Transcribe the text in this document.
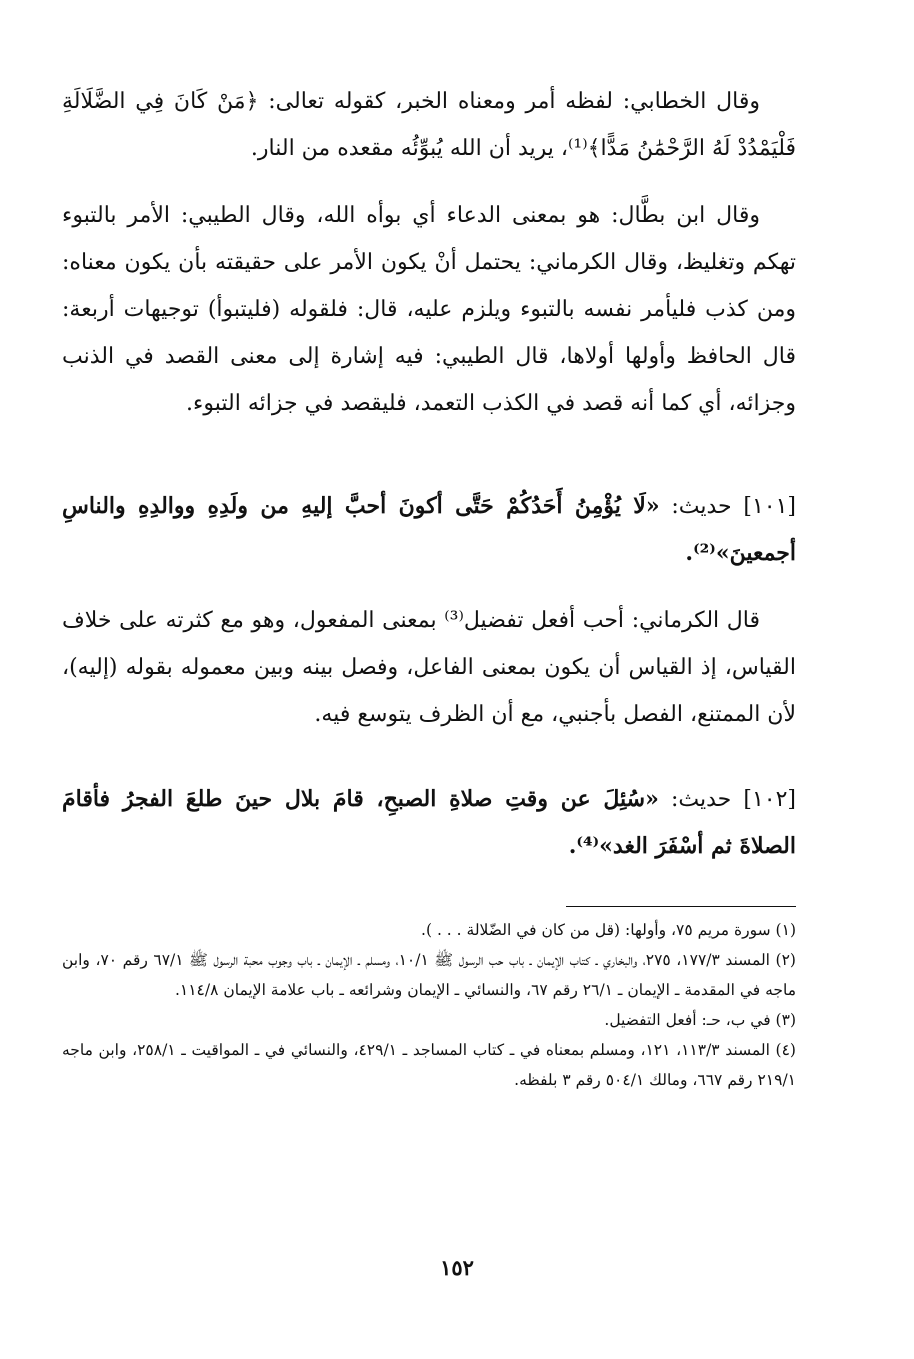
وقال الخطابي: لفظه أمر ومعناه الخبر، كقوله تعالى: ﴿مَنْ كَانَ فِي الضَّلَالَةِ فَلْيَمْدُدْ لَهُ الرَّحْمَٰنُ مَدًّا﴾⁽¹⁾، يريد أن الله يُبوِّئُه مقعده من النار.

وقال ابن بطَّال: هو بمعنى الدعاء أي بوأه الله، وقال الطيبي: الأمر بالتبوء تهكم وتغليظ، وقال الكرماني: يحتمل أنْ يكون الأمر على حقيقته بأن يكون معناه: ومن كذب فليأمر نفسه بالتبوء ويلزم عليه، قال: فلقوله (فليتبوأ) توجيهات أربعة: قال الحافظ وأولها أولاها، قال الطيبي: فيه إشارة إلى معنى القصد في الذنب وجزائه، أي كما أنه قصد في الكذب التعمد، فليقصد في جزائه التبوء.

[١٠١] حديث: «لَا يُؤْمِنُ أَحَدُكُمْ حَتَّى أكونَ أحبَّ إليهِ من ولَدِهِ ووالدِهِ والناسِ أجمعينَ»⁽²⁾.

قال الكرماني: أحب أفعل تفضيل⁽³⁾ بمعنى المفعول، وهو مع كثرته على خلاف القياس، إذ القياس أن يكون بمعنى الفاعل، وفصل بينه وبين معموله بقوله (إليه)، لأن الممتنع، الفصل بأجنبي، مع أن الظرف يتوسع فيه.

[١٠٢] حديث: «سُئِلَ عن وقتِ صلاةِ الصبحِ، قامَ بلال حينَ طلعَ الفجرُ فأقامَ الصلاةَ ثم أسْفَرَ الغد»⁽⁴⁾.

(١) سورة مريم ٧٥، وأولها: (قل من كان في الضّلالة . . . ).

(٢) المسند ١٧٧/٣، ٢٧٥، والبخاري ـ كتاب الإيمان ـ باب حب الرسول ﷺ ١٠/١، ومسلم ـ الإيمان ـ باب وجوب محبة الرسول ﷺ ٦٧/١ رقم ٧٠، وابن ماجه في المقدمة ـ الإيمان ـ ٢٦/١ رقم ٦٧، والنسائي ـ الإيمان وشرائعه ـ باب علامة الإيمان ١١٤/٨.

(٣) في ب، حـ: أفعل التفضيل.

(٤) المسند ١١٣/٣، ١٢١، ومسلم بمعناه في ـ كتاب المساجد ـ ٤٢٩/١، والنسائي في ـ المواقيت ـ ٢٥٨/١، وابن ماجه ٢١٩/١ رقم ٦٦٧، ومالك ٥٠٤/١ رقم ٣ بلفظه.

١٥٢
